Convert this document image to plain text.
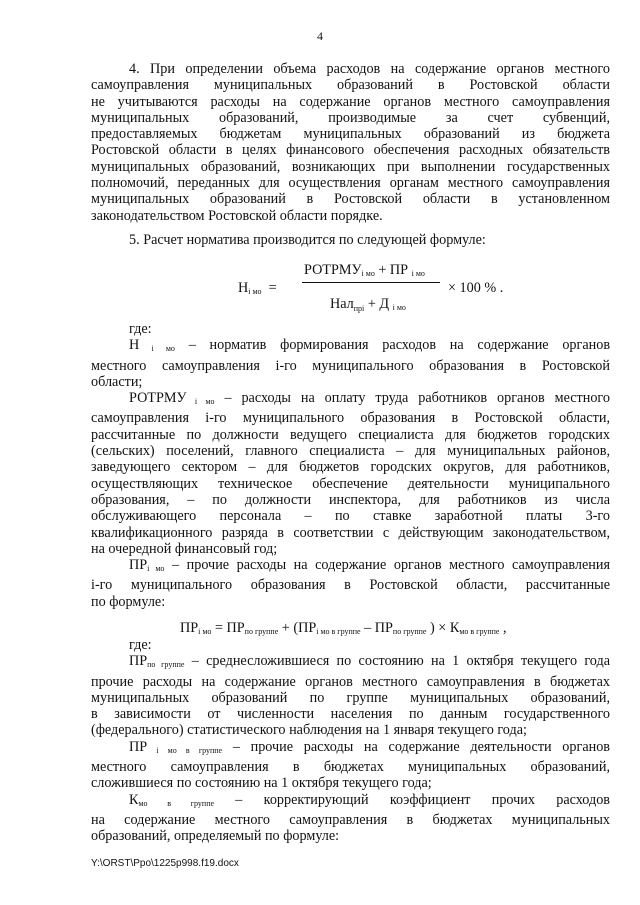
4

4. При определении объема расходов на содержание органов местного

самоуправления муниципальных образований в Ростовской области

не учитываются расходы на содержание органов местного самоуправления

муниципальных образований, производимые за счет субвенций,

предоставляемых бюджетам муниципальных образований из бюджета

Ростовской области в целях финансового обеспечения расходных обязательств

муниципальных образований, возникающих при выполнении государственных

полномочий, переданных для осуществления органам местного самоуправления

муниципальных образований в Ростовской области в установленном

законодательством Ростовской области порядке.

5. Расчет норматива производится по следующей формуле:

$Н_{i мо}$ =
$РОТРМУ_{i мо}$ + ПР $_{i мо}$
Нал$_{прi}$ + Д $_{i мо}$
× 100 % .

где:

Н $_{i мо}$ – норматив формирования расходов на содержание органов

местного самоуправления i-го муниципального образования в Ростовской

области;

РОТРМУ $_{i мо}$ – расходы на оплату труда работников органов местного

самоуправления i-го муниципального образования в Ростовской области,

рассчитанные по должности ведущего специалиста для бюджетов городских

(сельских) поселений, главного специалиста – для муниципальных районов,

заведующего сектором – для бюджетов городских округов, для работников,

осуществляющих техническое обеспечение деятельности муниципального

образования, – по должности инспектора, для работников из числа

обслуживающего персонала – по ставке заработной платы 3-го

квалификационного разряда в соответствии с действующим законодательством,

на очередной финансовый год;

$ПР_{i мо}$ – прочие расходы на содержание органов местного самоуправления

i-го муниципального образования в Ростовской области, рассчитанные

по формуле:

$ПР_{i мо} = ПР_{по группе} + (ПР_{i мо в группе} - ПР_{по группе}$ ) × $К_{мо в группе}$ ,

где:

$ПР_{по группе}$ – среднесложившиеся по состоянию на 1 октября текущего года

прочие расходы на содержание органов местного самоуправления в бюджетах

муниципальных образований по группе муниципальных образований,

в зависимости от численности населения по данным государственного

(федерального) статистического наблюдения на 1 января текущего года;

ПР $_{i мо в группе}$ – прочие расходы на содержание деятельности органов

местного самоуправления в бюджетах муниципальных образований,

сложившиеся по состоянию на 1 октября текущего года;

$К_{мо в группе}$ – корректирующий коэффициент прочих расходов

на содержание местного самоуправления в бюджетах муниципальных

образований, определяемый по формуле:

Y:\ORST\Ppo\1225p998.f19.docx
